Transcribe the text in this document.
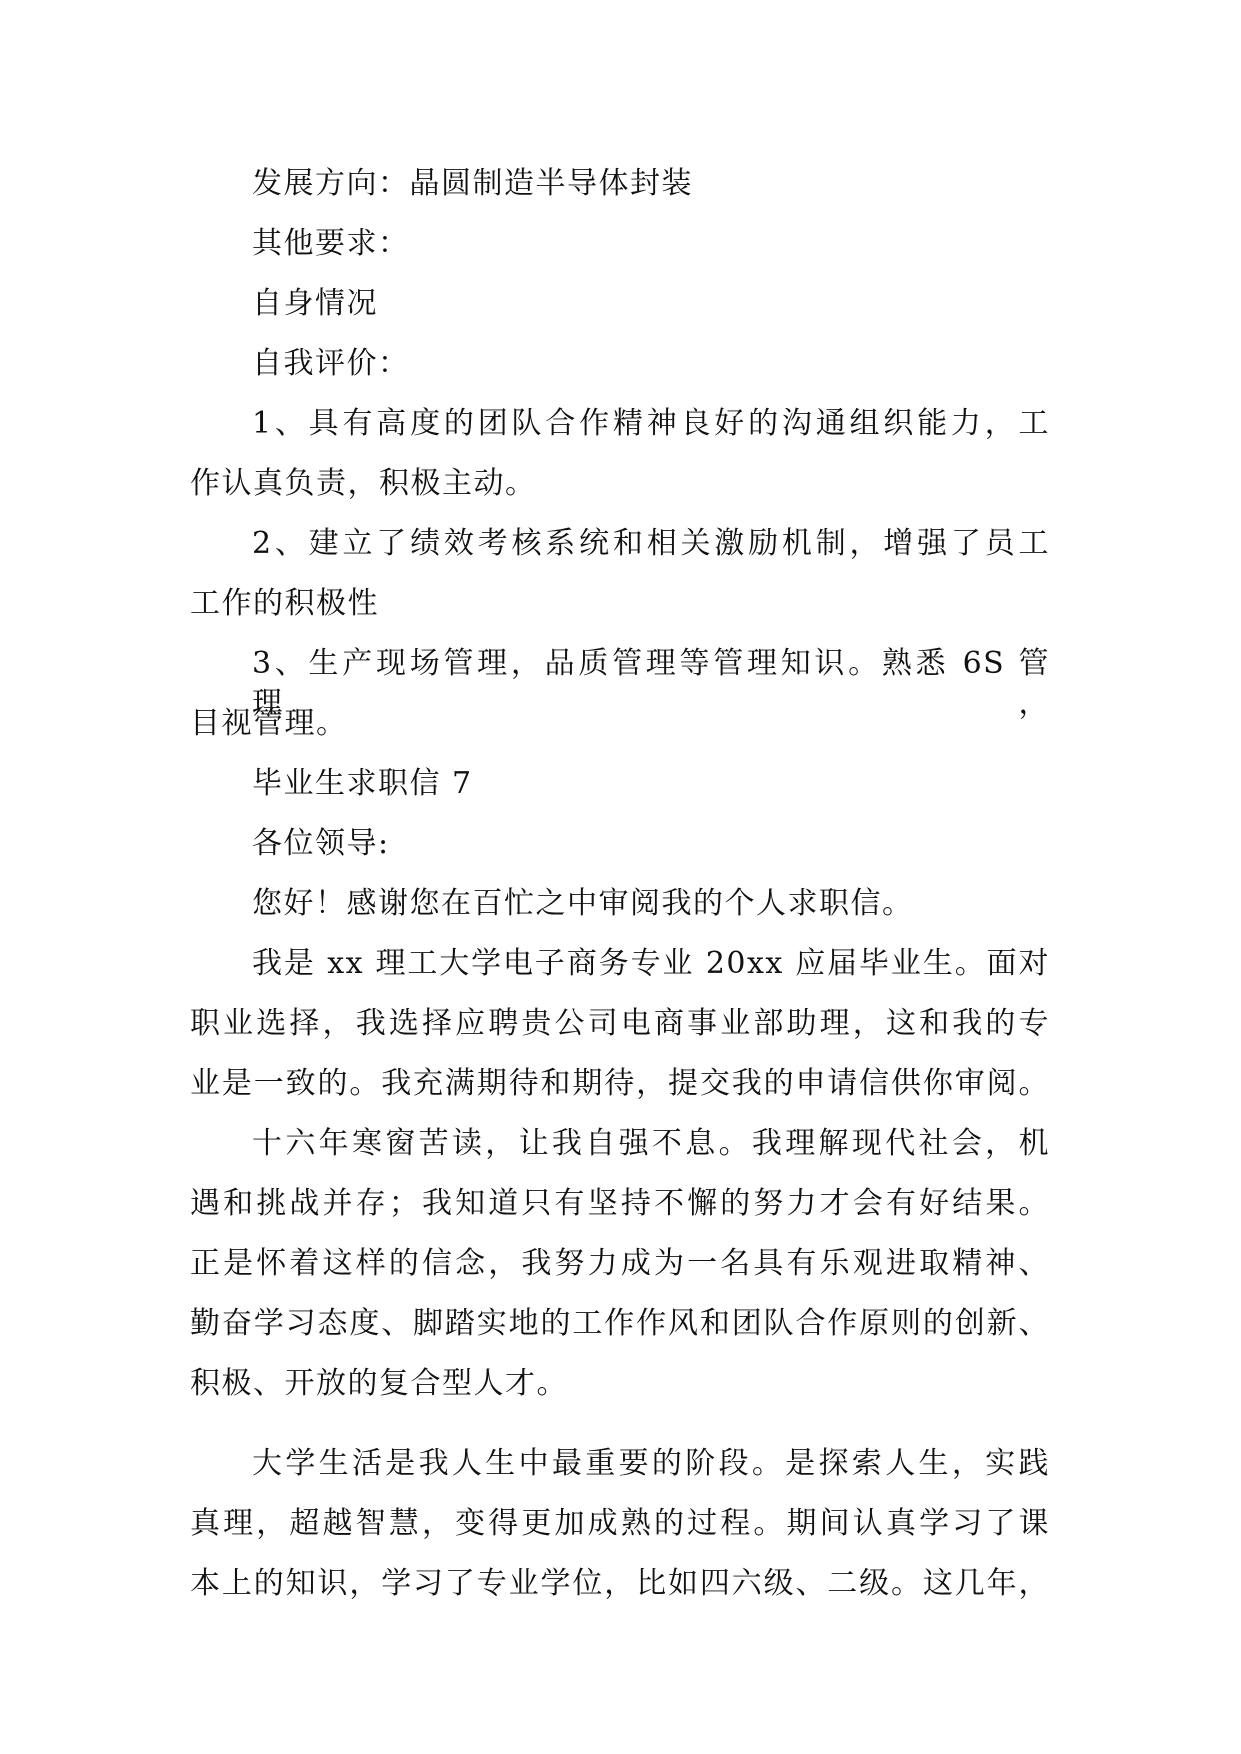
发展方向：晶圆制造半导体封装
其他要求：
自身情况
自我评价：
1、具有高度的团队合作精神良好的沟通组织能力，工
作认真负责，积极主动。
2、建立了绩效考核系统和相关激励机制，增强了员工
工作的积极性
3、生产现场管理，品质管理等管理知识。熟悉 6S 管理，
目视管理。
毕业生求职信 7
各位领导:
您好！感谢您在百忙之中审阅我的个人求职信。
我是 xx 理工大学电子商务专业 20xx 应届毕业生。面对
职业选择，我选择应聘贵公司电商事业部助理，这和我的专
业是一致的。我充满期待和期待，提交我的申请信供你审阅。
十六年寒窗苦读，让我自强不息。我理解现代社会，机
遇和挑战并存；我知道只有坚持不懈的努力才会有好结果。
正是怀着这样的信念，我努力成为一名具有乐观进取精神、
勤奋学习态度、脚踏实地的工作作风和团队合作原则的创新、
积极、开放的复合型人才。
大学生活是我人生中最重要的阶段。是探索人生，实践
真理，超越智慧，变得更加成熟的过程。期间认真学习了课
本上的知识，学习了专业学位，比如四六级、二级。这几年，
